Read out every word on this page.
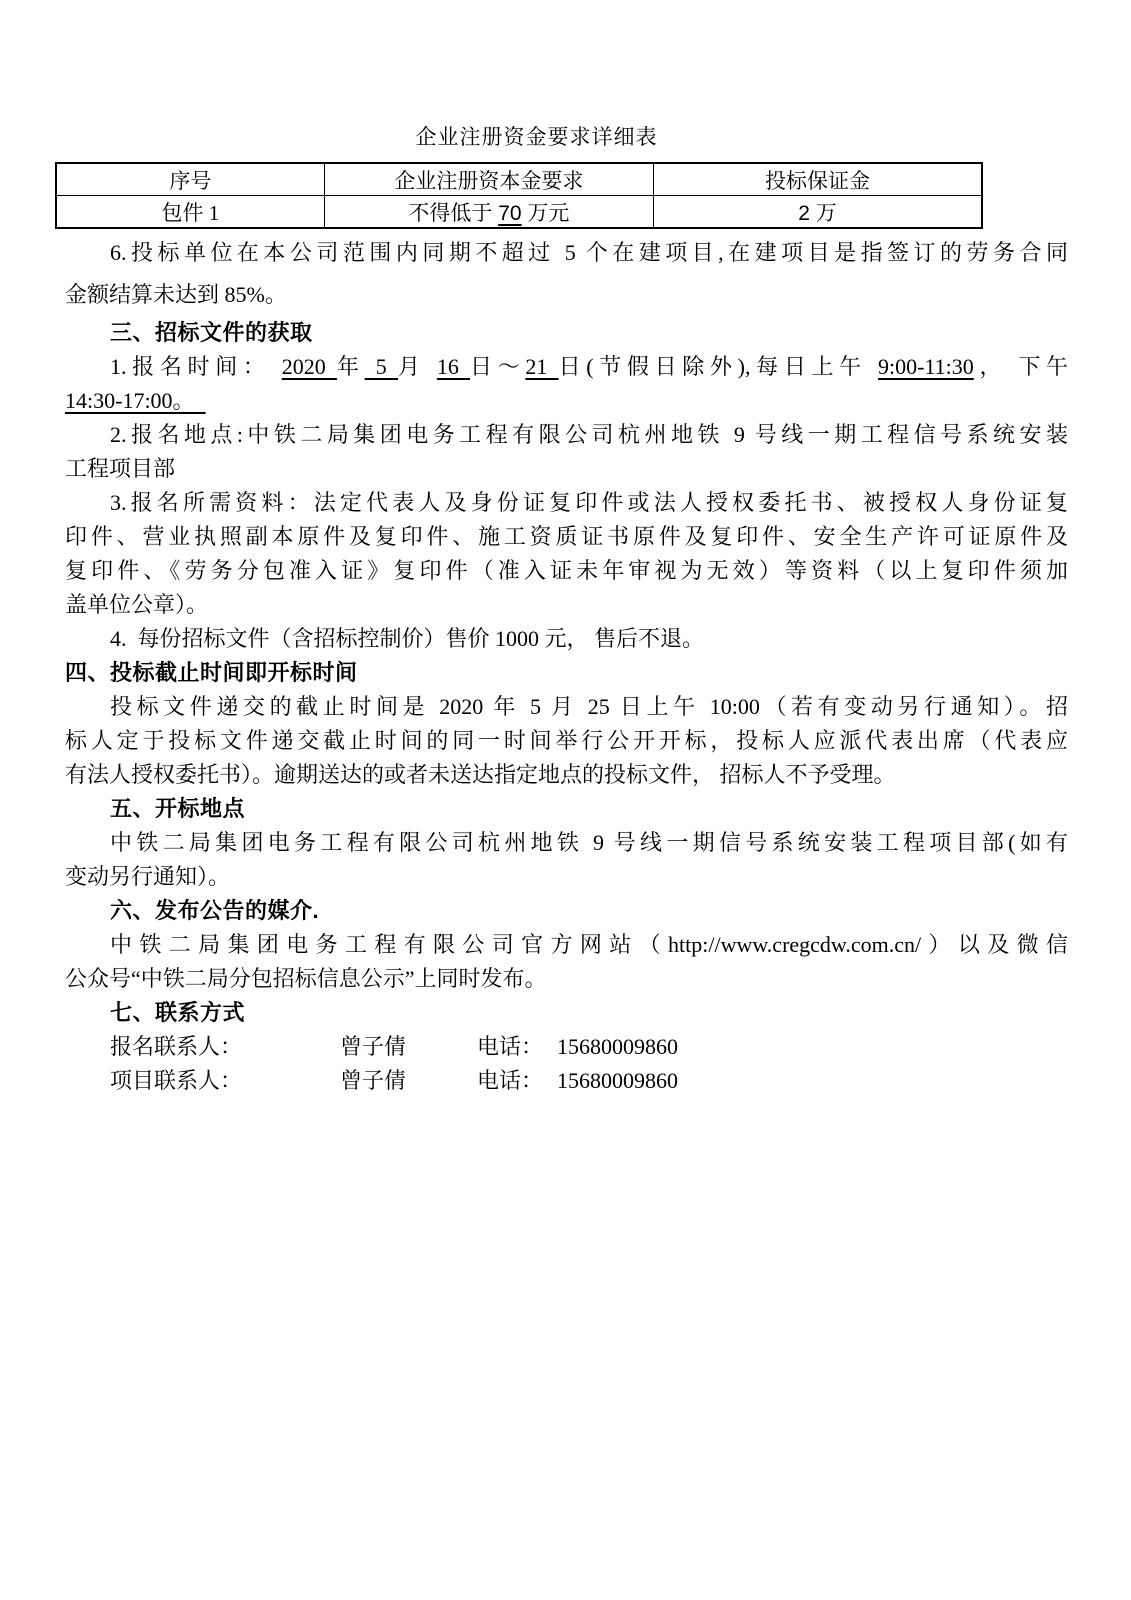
企业注册资金要求详细表
序号	企业注册资本金要求	投标保证金
包件 1	不得低于 70 万元	2 万
6.投标单位在本公司范围内同期不超过 5 个在建项目,在建项目是指签订的劳务合同
金额结算未达到 85%。
三、招标文件的获取
1.报名时间： 2020 年 5 月 16 日～21 日(节假日除外),每日上午 9:00-11:30， 下午
14:30-17:00。
2.报名地点:中铁二局集团电务工程有限公司杭州地铁 9 号线一期工程信号系统安装
工程项目部
3.报名所需资料：法定代表人及身份证复印件或法人授权委托书、被授权人身份证复
印件、营业执照副本原件及复印件、施工资质证书原件及复印件、安全生产许可证原件及
复印件、《劳务分包准入证》复印件（准入证未年审视为无效）等资料（以上复印件须加
盖单位公章）。
4.  每份招标文件（含招标控制价）售价 1000 元， 售后不退。
四、投标截止时间即开标时间
投标文件递交的截止时间是 2020 年 5 月 25 日上午 10:00（若有变动另行通知）。招
标人定于投标文件递交截止时间的同一时间举行公开开标，投标人应派代表出席（代表应
有法人授权委托书）。逾期送达的或者未送达指定地点的投标文件， 招标人不予受理。
五、开标地点
中铁二局集团电务工程有限公司杭州地铁 9 号线一期信号系统安装工程项目部(如有
变动另行通知）。
六、发布公告的媒介.
中铁二局集团电务工程有限公司官方网站（http://www.cregcdw.com.cn/）以及微信
公众号“中铁二局分包招标信息公示”上同时发布。
七、联系方式
报名联系人：	曾子倩	电话： 15680009860
项目联系人：	曾子倩	电话： 15680009860
